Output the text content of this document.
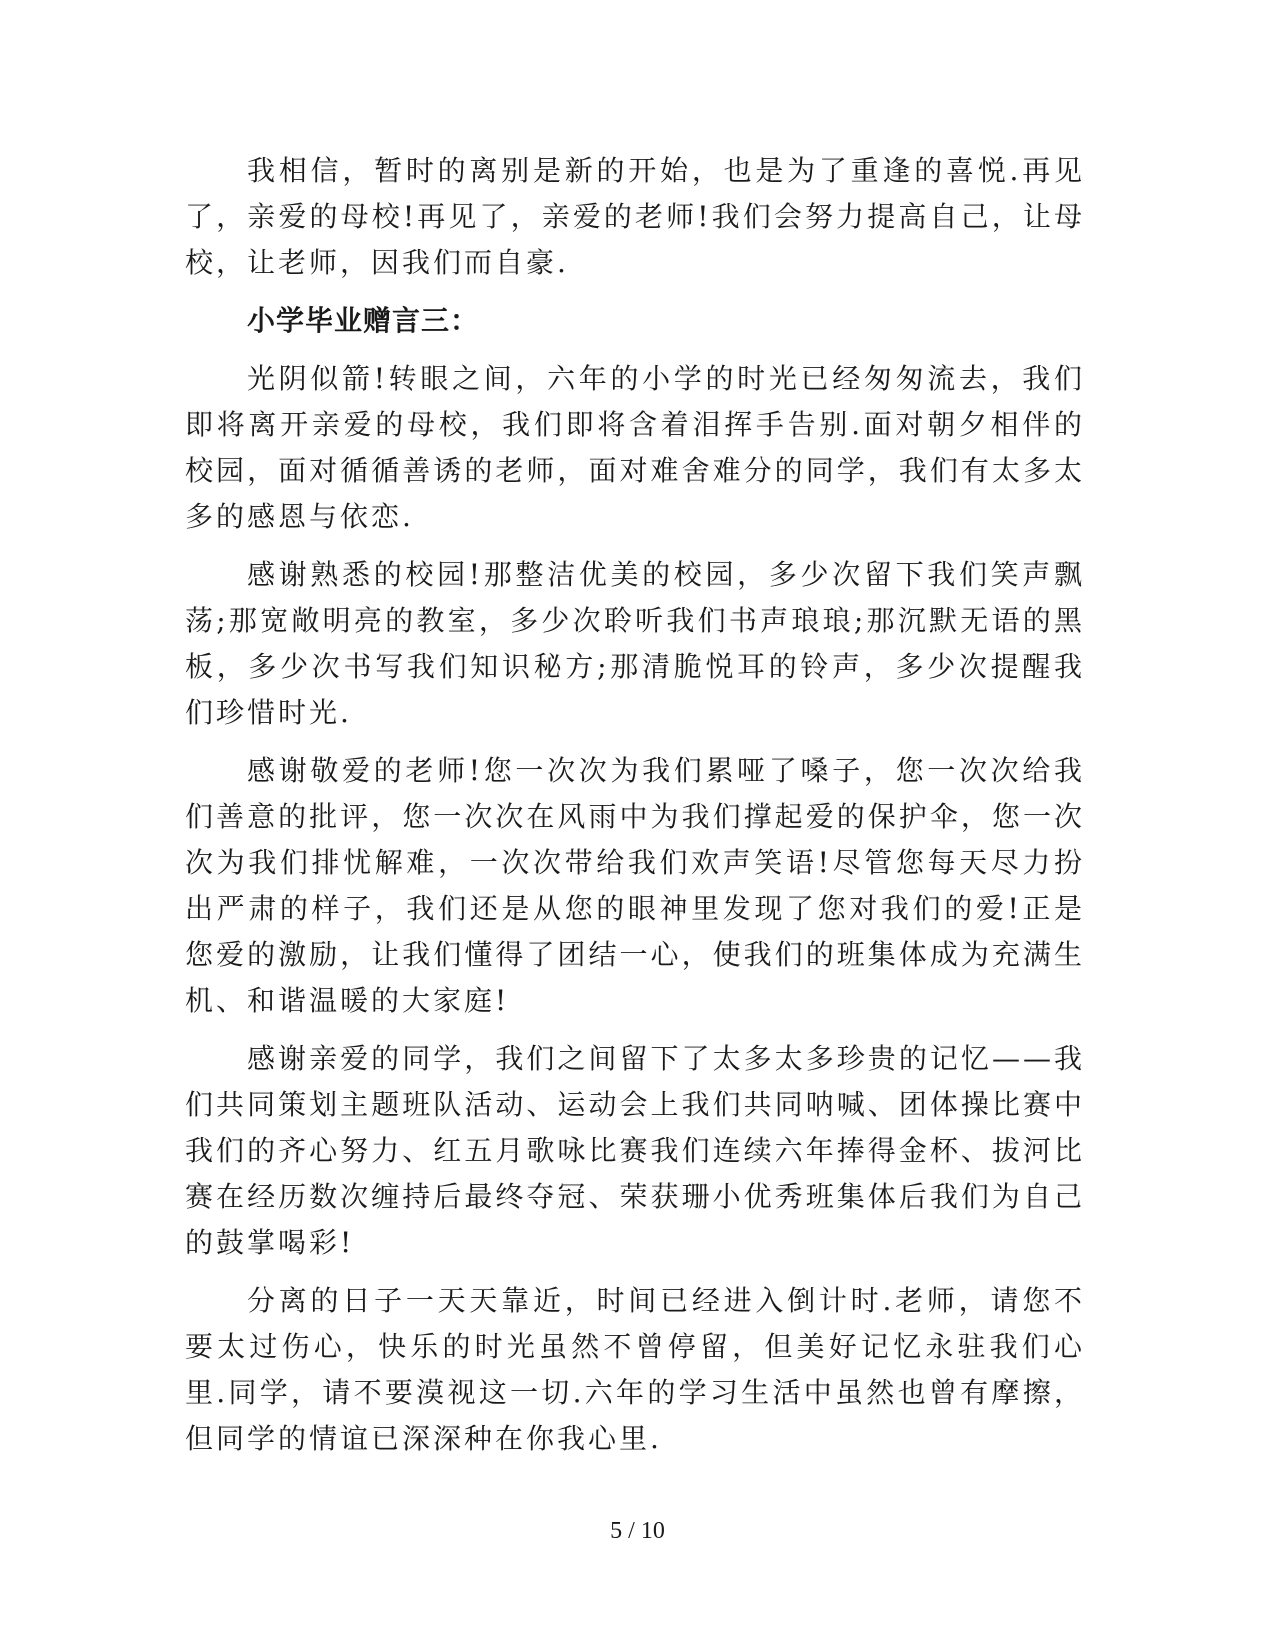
我相信，暂时的离别是新的开始，也是为了重逢的喜悦.再见了，亲爱的母校!再见了，亲爱的老师!我们会努力提高自己，让母校，让老师，因我们而自豪.

小学毕业赠言三：

光阴似箭!转眼之间，六年的小学的时光已经匆匆流去，我们即将离开亲爱的母校，我们即将含着泪挥手告别.面对朝夕相伴的校园，面对循循善诱的老师，面对难舍难分的同学，我们有太多太多的感恩与依恋.

感谢熟悉的校园!那整洁优美的校园，多少次留下我们笑声飘荡;那宽敞明亮的教室，多少次聆听我们书声琅琅;那沉默无语的黑板，多少次书写我们知识秘方;那清脆悦耳的铃声，多少次提醒我们珍惜时光.

感谢敬爱的老师!您一次次为我们累哑了嗓子，您一次次给我们善意的批评，您一次次在风雨中为我们撑起爱的保护伞，您一次次为我们排忧解难，一次次带给我们欢声笑语!尽管您每天尽力扮出严肃的样子，我们还是从您的眼神里发现了您对我们的爱!正是您爱的激励，让我们懂得了团结一心，使我们的班集体成为充满生机、和谐温暖的大家庭!

感谢亲爱的同学，我们之间留下了太多太多珍贵的记忆——我们共同策划主题班队活动、运动会上我们共同呐喊、团体操比赛中我们的齐心努力、红五月歌咏比赛我们连续六年捧得金杯、拔河比赛在经历数次缠持后最终夺冠、荣获珊小优秀班集体后我们为自己的鼓掌喝彩!

分离的日子一天天靠近，时间已经进入倒计时.老师，请您不要太过伤心，快乐的时光虽然不曾停留，但美好记忆永驻我们心里.同学，请不要漠视这一切.六年的学习生活中虽然也曾有摩擦，但同学的情谊已深深种在你我心里.

5 / 10
